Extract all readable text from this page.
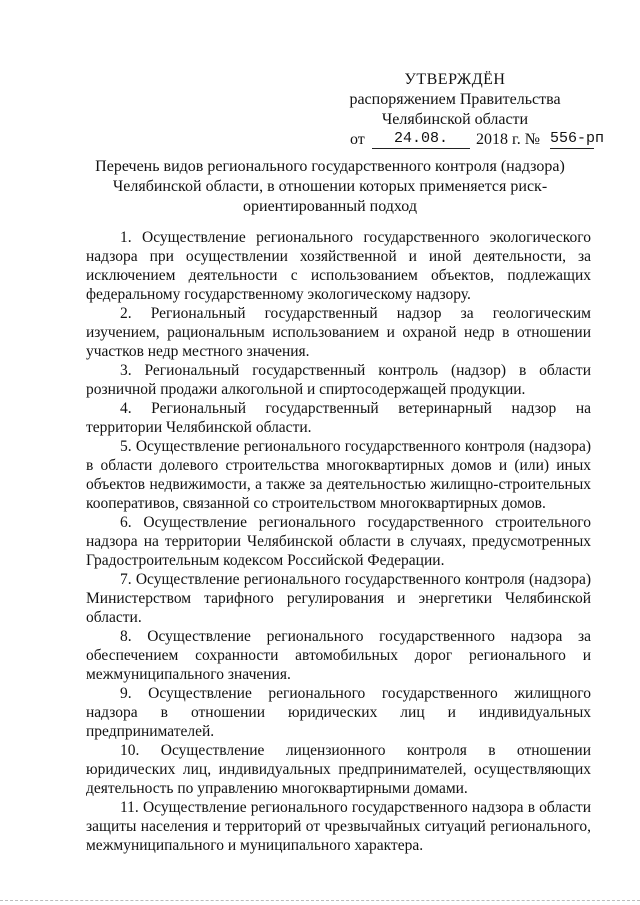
УТВЕРЖДЁН
распоряжением Правительства
Челябинской области
от	24.08.	2018 г. № 556-рп
Перечень видов регионального государственного контроля (надзора)
Челябинской области, в отношении которых применяется риск-
ориентированный подход

1. Осуществление регионального государственного экологического надзора при осуществлении хозяйственной и иной деятельности, за исключением деятельности с использованием объектов, подлежащих федеральному государственному экологическому надзору.

2. Региональный государственный надзор за геологическим изучением, рациональным использованием и охраной недр в отношении участков недр местного значения.

3. Региональный государственный контроль (надзор) в области розничной продажи алкогольной и спиртосодержащей продукции.

4. Региональный государственный ветеринарный надзор на территории Челябинской области.

5. Осуществление регионального государственного контроля (надзора) в области долевого строительства многоквартирных домов и (или) иных объектов недвижимости, а также за деятельностью жилищно-строительных кооперативов, связанной со строительством многоквартирных домов.

6. Осуществление регионального государственного строительного надзора на территории Челябинской области в случаях, предусмотренных Градостроительным кодексом Российской Федерации.

7. Осуществление регионального государственного контроля (надзора) Министерством тарифного регулирования и энергетики Челябинской области.

8. Осуществление регионального государственного надзора за обеспечением сохранности автомобильных дорог регионального и межмуниципального значения.

9. Осуществление регионального государственного жилищного надзора в отношении юридических лиц и индивидуальных предпринимателей.

10. Осуществление лицензионного контроля в отношении юридических лиц, индивидуальных предпринимателей, осуществляющих деятельность по управлению многоквартирными домами.

11. Осуществление регионального государственного надзора в области защиты населения и территорий от чрезвычайных ситуаций регионального, межмуниципального и муниципального характера.
